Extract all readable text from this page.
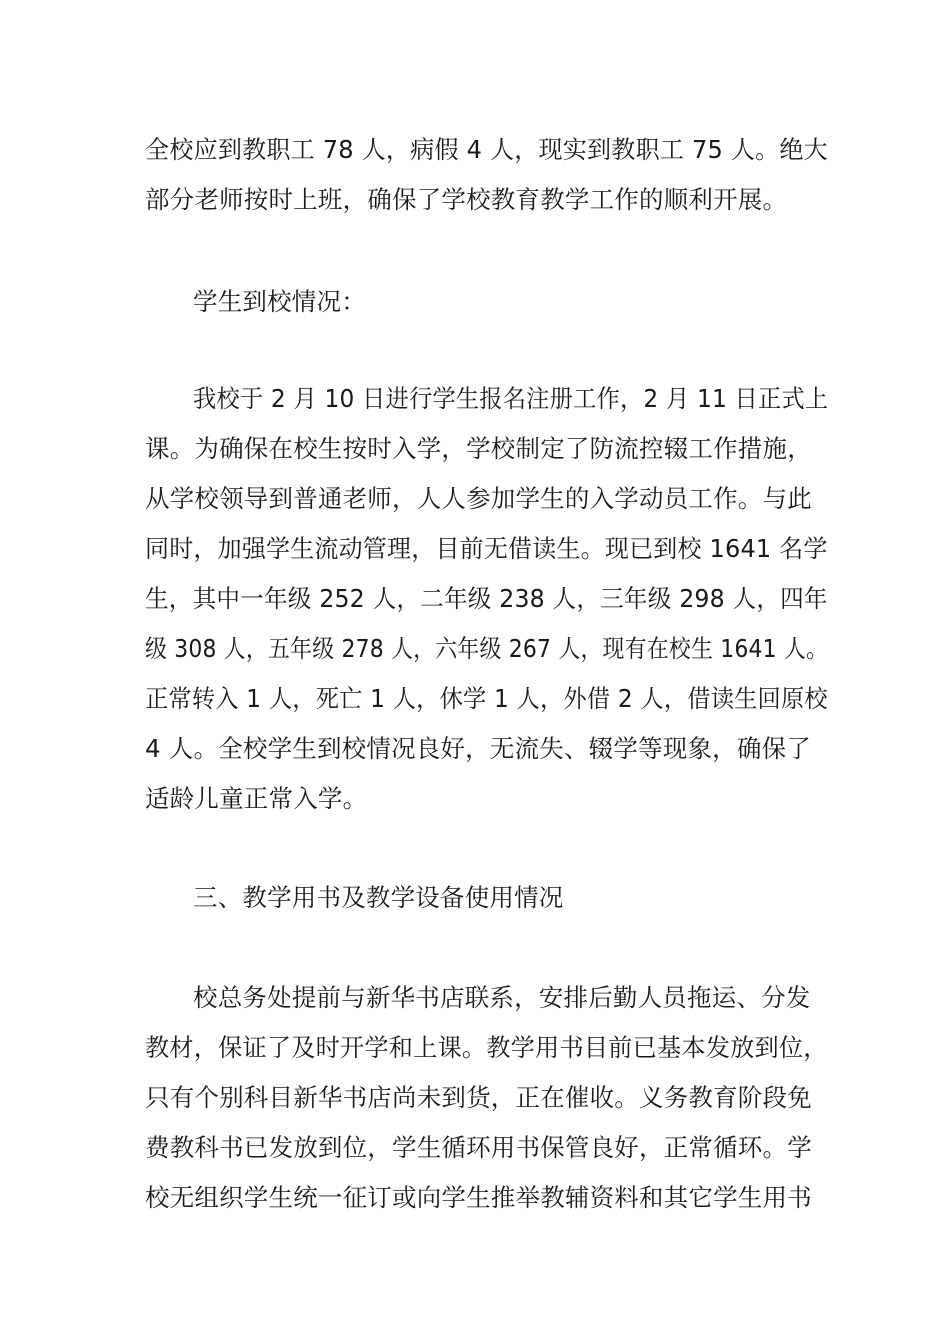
全校应到教职工 78 人，病假 4 人，现实到教职工 75 人。绝大

部分老师按时上班，确保了学校教育教学工作的顺利开展。

学生到校情况：

我校于 2 月 10 日进行学生报名注册工作，2 月 11 日正式上

课。为确保在校生按时入学，学校制定了防流控辍工作措施，

从学校领导到普通老师，人人参加学生的入学动员工作。与此

同时，加强学生流动管理，目前无借读生。现已到校 1641 名学

生，其中一年级 252 人，二年级 238 人，三年级 298 人，四年

级 308 人，五年级 278 人，六年级 267 人，现有在校生 1641 人。

正常转入 1 人，死亡 1 人，休学 1 人，外借 2 人，借读生回原校

4 人。全校学生到校情况良好，无流失、辍学等现象，确保了

适龄儿童正常入学。

三、教学用书及教学设备使用情况

校总务处提前与新华书店联系，安排后勤人员拖运、分发

教材，保证了及时开学和上课。教学用书目前已基本发放到位，

只有个别科目新华书店尚未到货，正在催收。义务教育阶段免

费教科书已发放到位，学生循环用书保管良好，正常循环。学

校无组织学生统一征订或向学生推举教辅资料和其它学生用书
